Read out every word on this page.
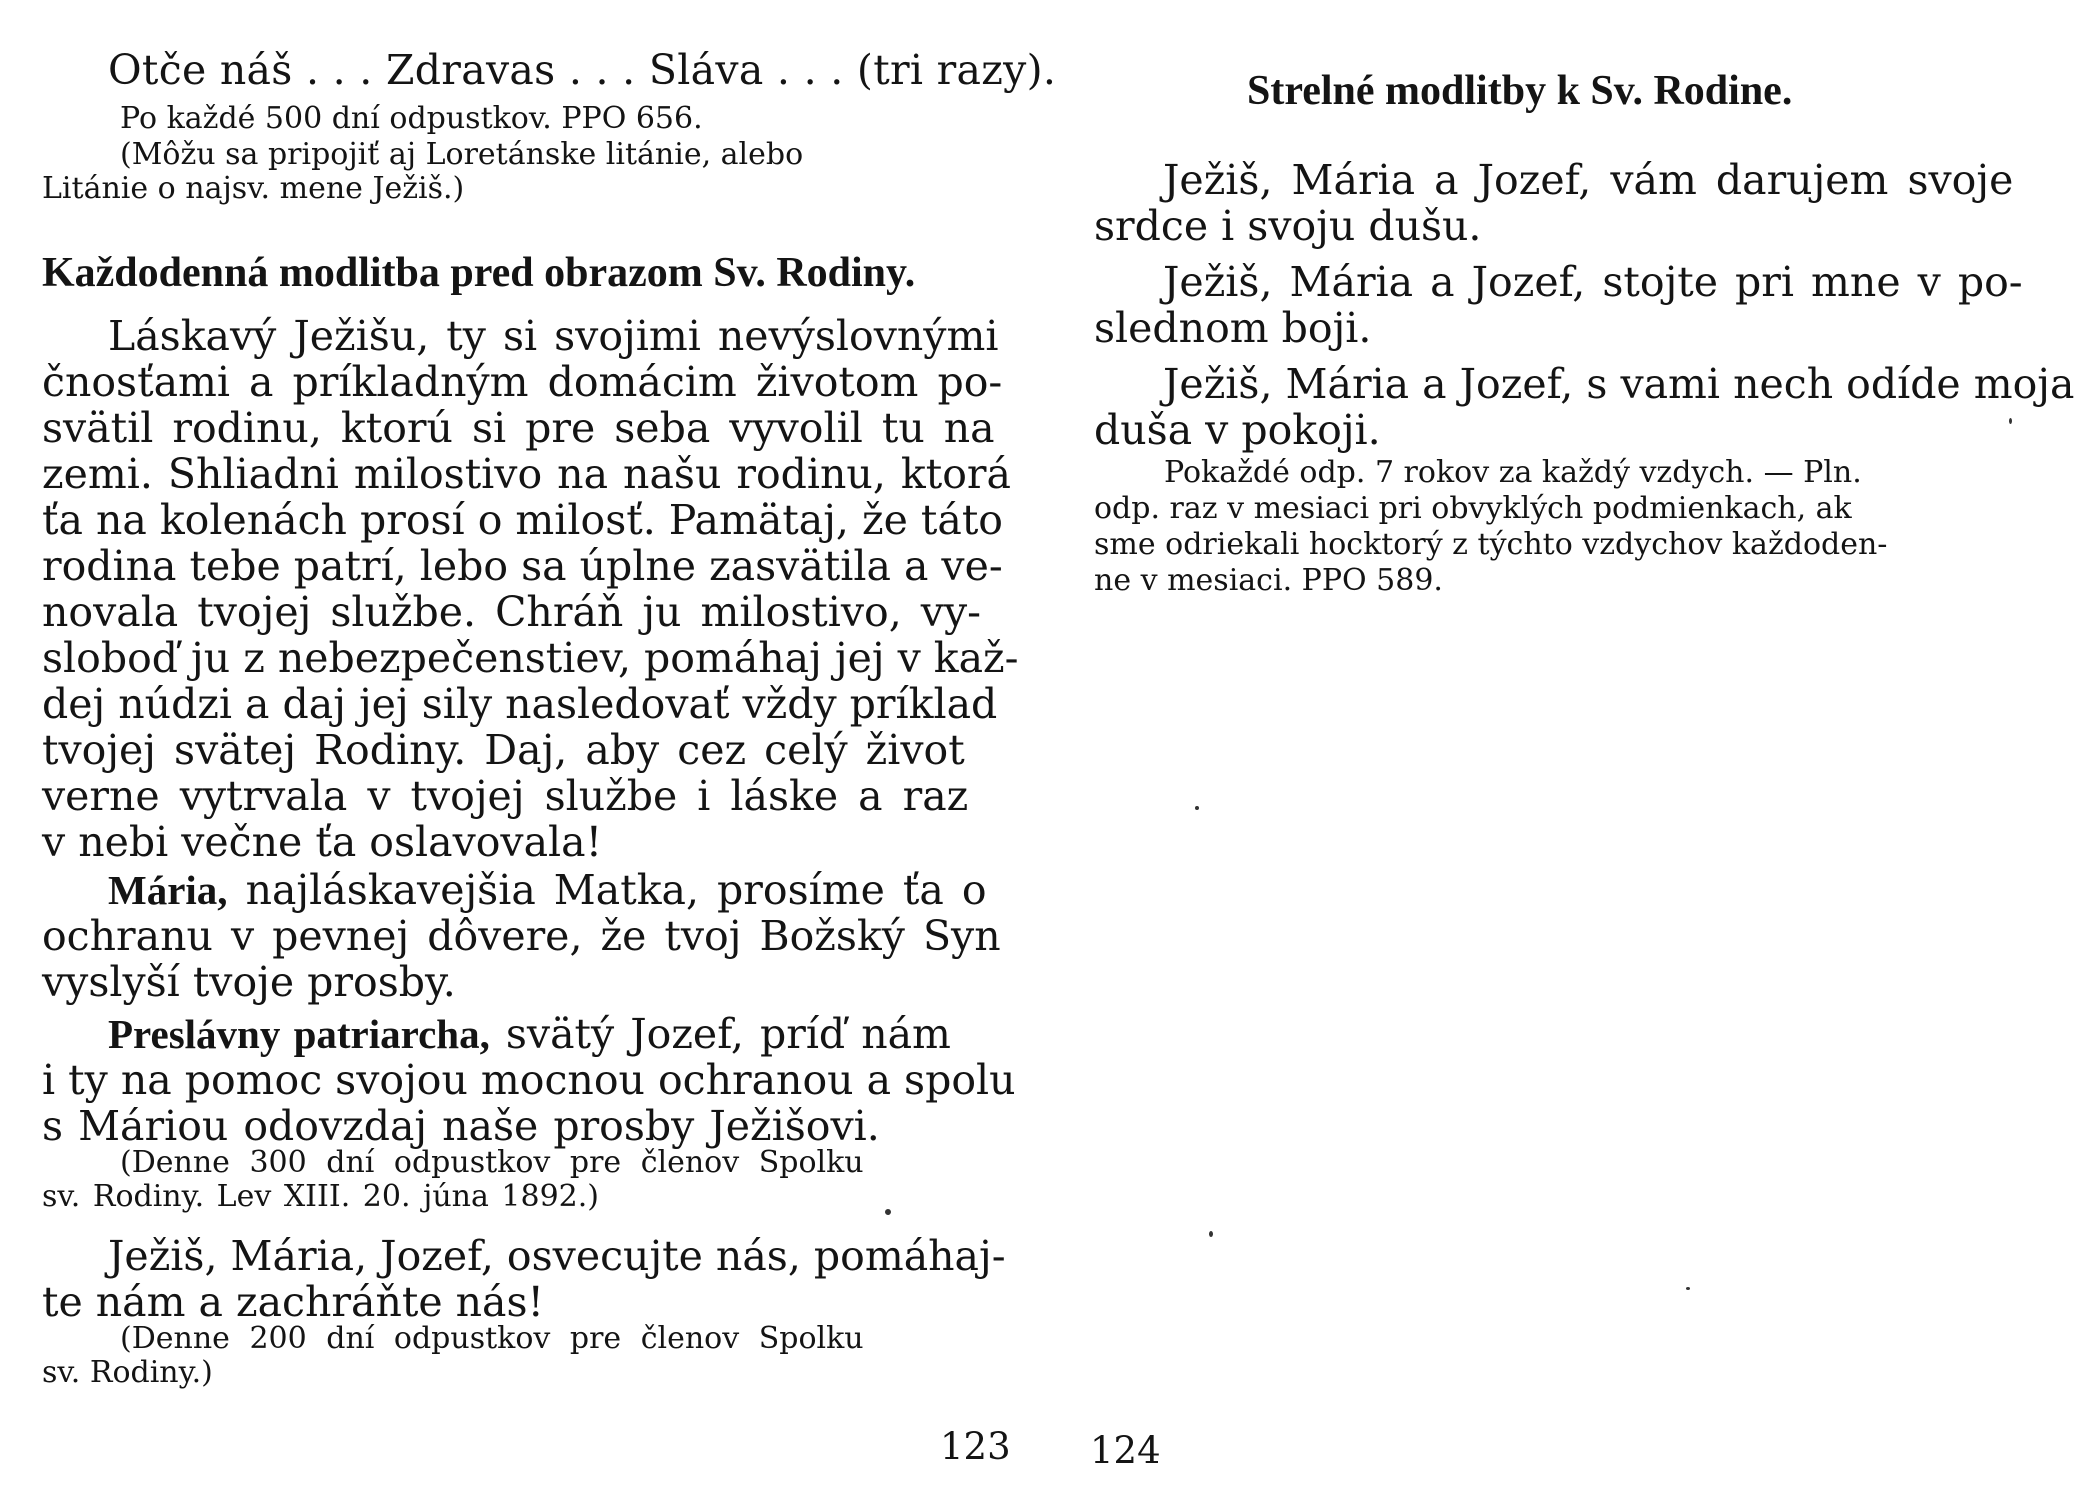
Otče náš . . . Zdravas . . . Sláva . . . (tri razy).
Po každé 500 dní odpustkov. PPO 656.
(Môžu sa pripojiť aj Loretánske litánie, alebo
Litánie o najsv. mene Ježiš.)
Každodenná modlitba pred obrazom Sv. Rodiny.
Láskavý Ježišu, ty si svojimi nevýslovnými
čnosťami a príkladným domácim životom po-
svätil rodinu, ktorú si pre seba vyvolil tu na
zemi. Shliadni milostivo na našu rodinu, ktorá
ťa na kolenách prosí o milosť. Pamätaj, že táto
rodina tebe patrí, lebo sa úplne zasvätila a ve-
novala tvojej službe. Chráň ju milostivo, vy-
sloboď ju z nebezpečenstiev, pomáhaj jej v kaž-
dej núdzi a daj jej sily nasledovať vždy príklad
tvojej svätej Rodiny. Daj, aby cez celý život
verne vytrvala v tvojej službe i láske a raz
v nebi večne ťa oslavovala!
Mária, najláskavejšia Matka, prosíme ťa o
ochranu v pevnej dôvere, že tvoj Božský Syn
vyslyší tvoje prosby.
Preslávny patriarcha, svätý Jozef, príď nám
i ty na pomoc svojou mocnou ochranou a spolu
s Máriou odovzdaj naše prosby Ježišovi.
(Denne 300 dní odpustkov pre členov Spolku
sv. Rodiny. Lev XIII. 20. júna 1892.)
Ježiš, Mária, Jozef, osvecujte nás, pomáhaj-
te nám a zachráňte nás!
(Denne 200 dní odpustkov pre členov Spolku
sv. Rodiny.)
123
Strelné modlitby k Sv. Rodine.
Ježiš, Mária a Jozef, vám darujem svoje
srdce i svoju dušu.
Ježiš, Mária a Jozef, stojte pri mne v po-
slednom boji.
Ježiš, Mária a Jozef, s vami nech odíde moja
duša v pokoji.
Pokaždé odp. 7 rokov za každý vzdych. — Pln.
odp. raz v mesiaci pri obvyklých podmienkach, ak
sme odriekali hocktorý z týchto vzdychov každoden-
ne v mesiaci. PPO 589.
124
